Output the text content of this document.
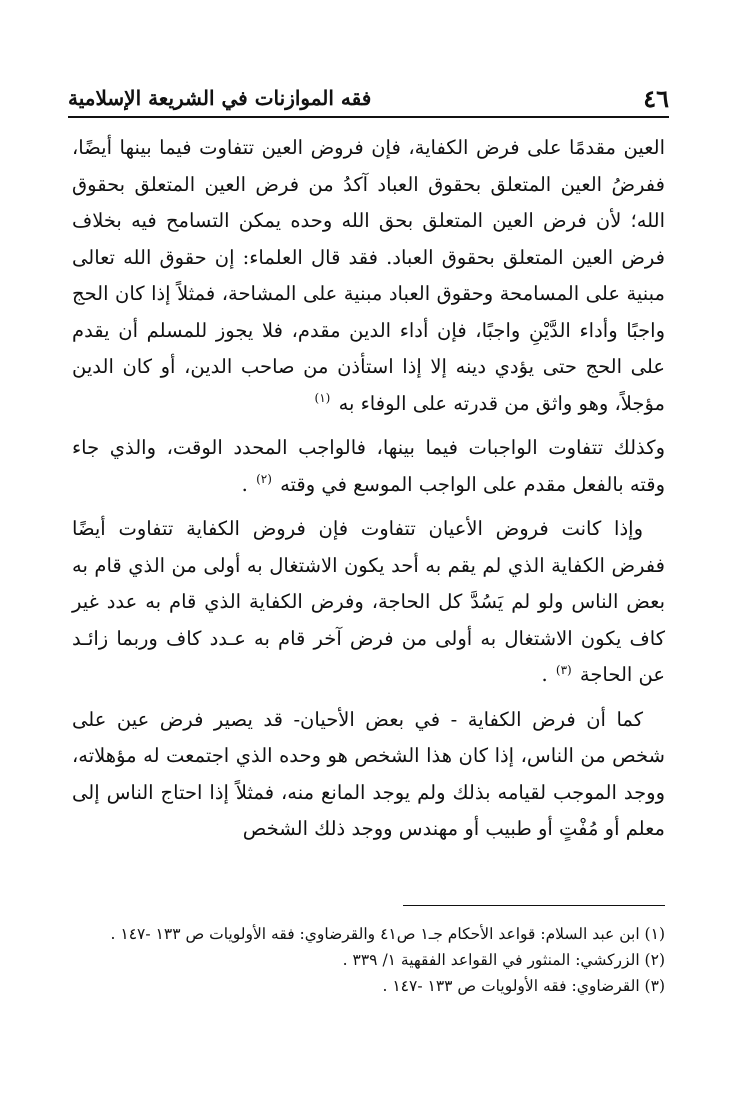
٤٦
فقه الموازنات في الشريعة الإسلامية

العين مقدمًا على فرض الكفاية، فإن فروض العين تتفاوت فيما بينها أيضًا، ففرضُ العين المتعلق بحقوق العباد آكدُ من فرض العين المتعلق بحقوق الله؛ لأن فرض العين المتعلق بحق الله وحده يمكن التسامح فيه بخلاف فرض العين المتعلق بحقوق العباد. فقد قال العلماء: إن حقوق الله تعالى مبنية على المسامحة وحقوق العباد مبنية على المشاحة، فمثلاً إذا كان الحج واجبًا وأداء الدَّيْنِ واجبًا، فإن أداء الدين مقدم، فلا يجوز للمسلم أن يقدم على الحج حتى يؤدي دينه إلا إذا استأذن من صاحب الدين، أو كان الدين مؤجلاً، وهو واثق من قدرته على الوفاء به $^{(١)}$

وكذلك تتفاوت الواجبات فيما بينها، فالواجب المحدد الوقت، والذي جاء وقته بالفعل مقدم على الواجب الموسع في وقته $^{(٢)}$ .

وإذا كانت فروض الأعيان تتفاوت فإن فروض الكفاية تتفاوت أيضًا ففرض الكفاية الذي لم يقم به أحد يكون الاشتغال به أولى من الذي قام به بعض الناس ولو لم يَسُدَّ كل الحاجة، وفرض الكفاية الذي قام به عدد غير كاف يكون الاشتغال به أولى من فرض آخر قام به عـدد كاف وربما زائـد عن الحاجة $^{(٣)}$ .

كما أن فرض الكفاية - في بعض الأحيان- قد يصير فرض عين على شخص من الناس، إذا كان هذا الشخص هو وحده الذي اجتمعت له مؤهلاته، ووجد الموجب لقيامه بذلك ولم يوجد المانع منه، فمثلاً إذا احتاج الناس إلى معلم أو مُفْتٍ أو طبيب أو مهندس ووجد ذلك الشخص

(١) ابن عبد السلام: قواعد الأحكام جـ١ ص٤١ والقرضاوي: فقه الأولويات ص ١٣٣ -١٤٧ .

(٢) الزركشي: المنثور في القواعد الفقهية ١/ ٣٣٩ .

(٣) القرضاوي: فقه الأولويات ص ١٣٣ -١٤٧ .
